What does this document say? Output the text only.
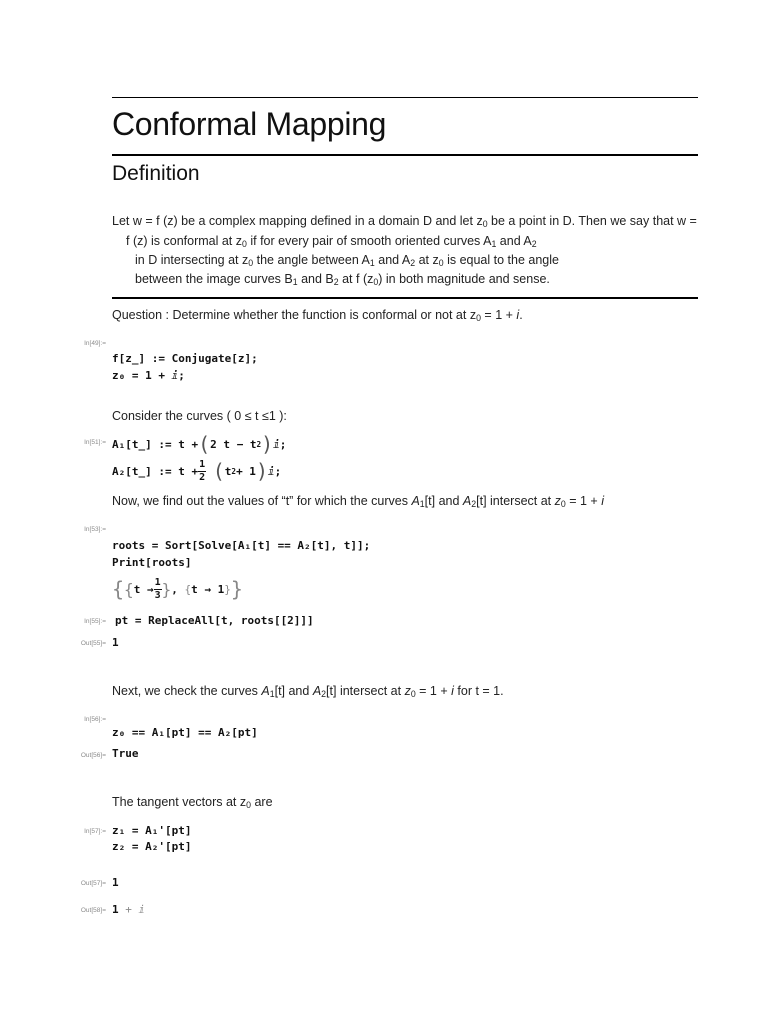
Conformal Mapping
Definition
Let w = f (z) be a complex mapping defined in a domain D and let $z_0$ be a point in D. Then we say that w =
f (z) is conformal at $z_0$ if for every pair of smooth oriented curves $A_1$ and $A_2$
in D intersecting at $z_0$ the angle between $A_1$ and $A_2$ at $z_0$ is equal to the angle
between the image curves $B_1$ and $B_2$ at f $(z_0)$ in both magnitude and sense.
Question : Determine whether the function is conformal or not at $z_0 = 1 + i$.
In[49]:=
f[z_] := Conjugate[z];
z₀ = 1 + ⅈ;
Consider the curves ( 0 ≤ t ≤1 ):
In[51]:= A₁[t_] := t + ( 2 t − t 2 ) ⅈ;
A₂[t_] := $t + \frac{1}{2}$
( t 2 + 1 ) ⅈ;
Now, we find out the values of “t” for which the curves $A_1[t]$ and $A_2[t]$ intersect at $z_0 = 1 + i$
In[53]:=
roots = Sort[Solve[A₁[t] == A₂[t], t]];
Print[roots]
{ { $t \to \frac{1}{3}$ } , { t → 1 } }
In[55]:= pt = ReplaceAll[t, roots[[2]]]
Out[55]= 1
Next, we check the curves $A_1[t]$ and $A_2[t]$ intersect at $z_0 = 1 + i$ for t = 1.
In[56]:=
z₀ == A₁[pt] == A₂[pt]
Out[56]= True
The tangent vectors at $z_0$ are
In[57]:= z₁ = A₁'[pt]
z₂ = A₂'[pt]
Out[57]= 1
Out[58]= 1 + ⅈ
